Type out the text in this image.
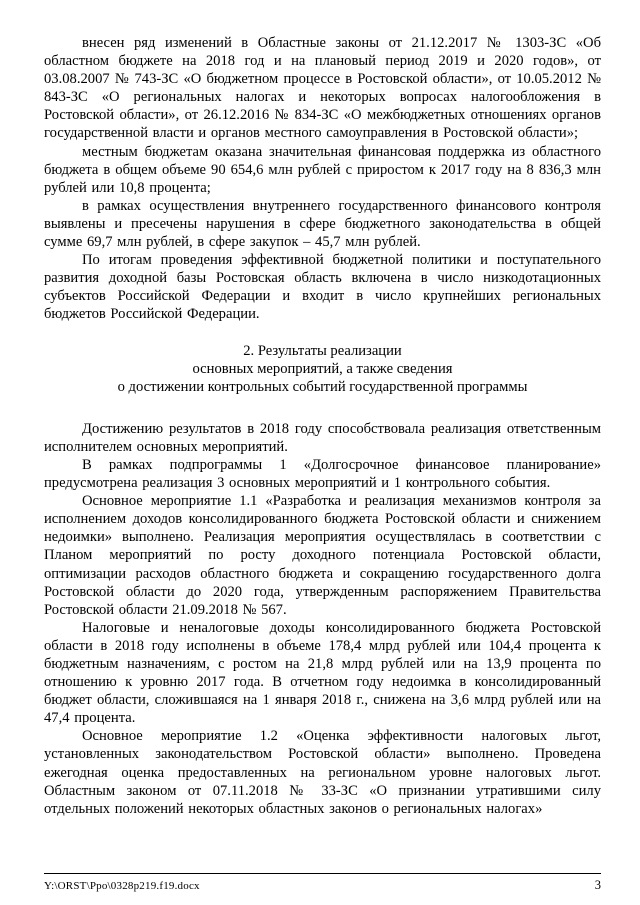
внесен ряд изменений в Областные законы от 21.12.2017 № 1303-ЗС «Об областном бюджете на 2018 год и на плановый период 2019 и 2020 годов», от 03.08.2007 № 743-ЗС «О бюджетном процессе в Ростовской области», от 10.05.2012 № 843-ЗС «О региональных налогах и некоторых вопросах налогообложения в Ростовской области», от 26.12.2016 № 834-ЗС «О межбюджетных отношениях органов государственной власти и органов местного самоуправления в Ростовской области»;

местным бюджетам оказана значительная финансовая поддержка из областного бюджета в общем объеме 90 654,6 млн рублей с приростом к 2017 году на 8 836,3 млн рублей или 10,8 процента;

в рамках осуществления внутреннего государственного финансового контроля выявлены и пресечены нарушения в сфере бюджетного законодательства в общей сумме 69,7 млн рублей, в сфере закупок – 45,7 млн рублей.

По итогам проведения эффективной бюджетной политики и поступательного развития доходной базы Ростовская область включена в число низкодотационных субъектов Российской Федерации и входит в число крупнейших региональных бюджетов Российской Федерации.

2. Результаты реализации
основных мероприятий, а также сведения
о достижении контрольных событий государственной программы

Достижению результатов в 2018 году способствовала реализация ответственным исполнителем основных мероприятий.

В рамках подпрограммы 1 «Долгосрочное финансовое планирование» предусмотрена реализация 3 основных мероприятий и 1 контрольного события.

Основное мероприятие 1.1 «Разработка и реализация механизмов контроля за исполнением доходов консолидированного бюджета Ростовской области и снижением недоимки» выполнено. Реализация мероприятия осуществлялась в соответствии с Планом мероприятий по росту доходного потенциала Ростовской области, оптимизации расходов областного бюджета и сокращению государственного долга Ростовской области до 2020 года, утвержденным распоряжением Правительства Ростовской области 21.09.2018 № 567.

Налоговые и неналоговые доходы консолидированного бюджета Ростовской области в 2018 году исполнены в объеме 178,4 млрд рублей или 104,4 процента к бюджетным назначениям, с ростом на 21,8 млрд рублей или на 13,9 процента по отношению к уровню 2017 года. В отчетном году недоимка в консолидированный бюджет области, сложившаяся на 1 января 2018 г., снижена на 3,6 млрд рублей или на 47,4 процента.

Основное мероприятие 1.2 «Оценка эффективности налоговых льгот, установленных законодательством Ростовской области» выполнено. Проведена ежегодная оценка предоставленных на региональном уровне налоговых льгот. Областным законом от 07.11.2018 № 33-ЗС «О признании утратившими силу отдельных положений некоторых областных законов о региональных налогах»

Y:\ORST\Ppo\0328p219.f19.docx	3
